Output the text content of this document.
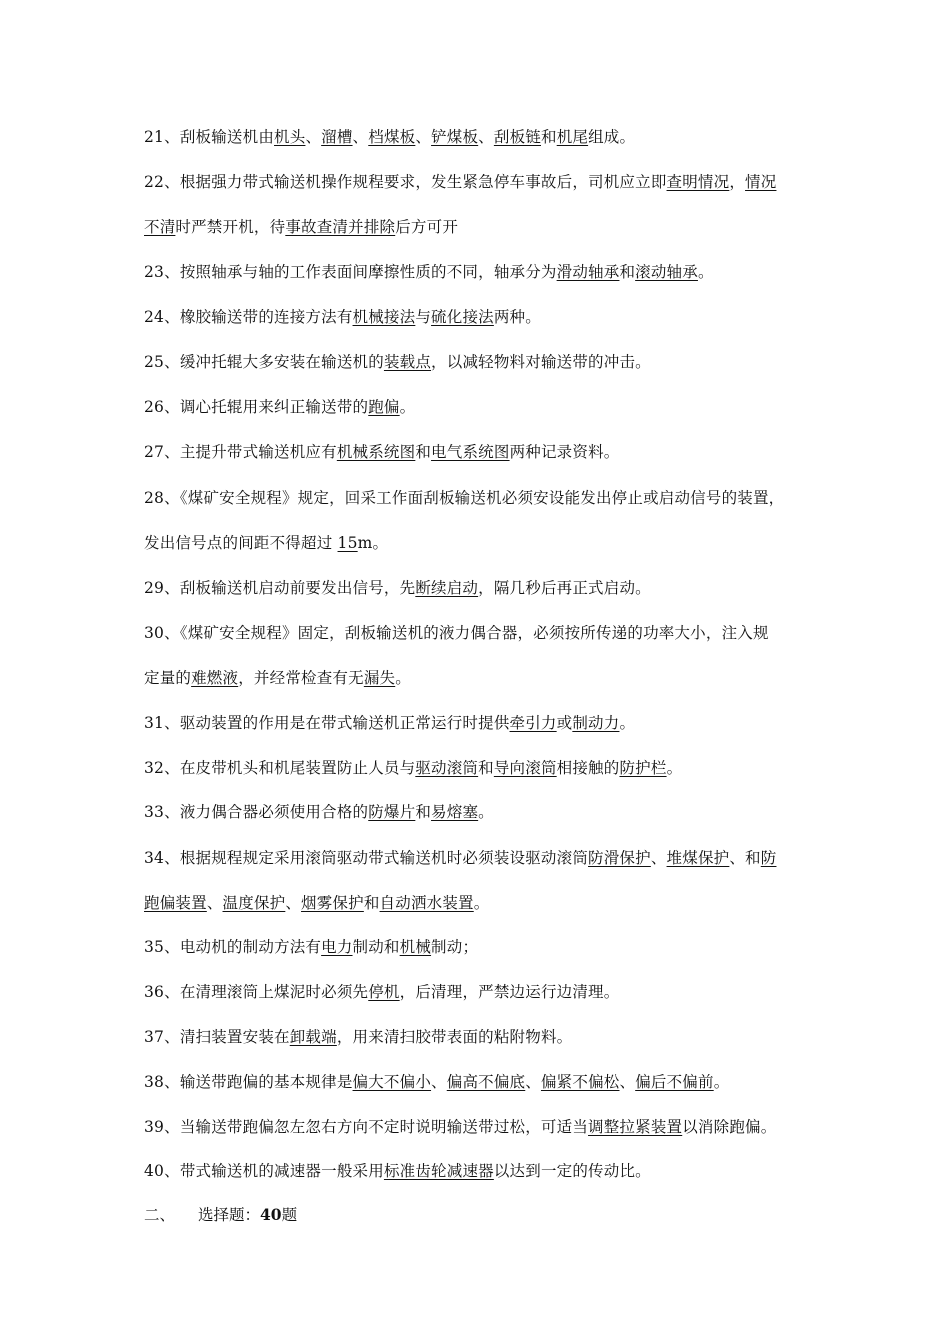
21、刮板输送机由机头、溜槽、档煤板、铲煤板、刮板链和机尾组成。
22、根据强力带式输送机操作规程要求，发生紧急停车事故后，司机应立即查明情况，情况
不清时严禁开机，待事故查清并排除后方可开
23、按照轴承与轴的工作表面间摩擦性质的不同，轴承分为滑动轴承和滚动轴承。
24、橡胶输送带的连接方法有机械接法与硫化接法两种。
25、缓冲托辊大多安装在输送机的装载点，以减轻物料对输送带的冲击。
26、调心托辊用来纠正输送带的跑偏。
27、主提升带式输送机应有机械系统图和电气系统图两种记录资料。
28、《煤矿安全规程》规定，回采工作面刮板输送机必须安设能发出停止或启动信号的装置，
发出信号点的间距不得超过 15m。
29、刮板输送机启动前要发出信号，先断续启动，隔几秒后再正式启动。
30、《煤矿安全规程》固定，刮板输送机的液力偶合器，必须按所传递的功率大小，注入规
定量的难燃液，并经常检查有无漏失。
31、驱动装置的作用是在带式输送机正常运行时提供牵引力或制动力。
32、在皮带机头和机尾装置防止人员与驱动滚筒和导向滚筒相接触的防护栏。
33、液力偶合器必须使用合格的防爆片和易熔塞。
34、根据规程规定采用滚筒驱动带式输送机时必须装设驱动滚筒防滑保护、堆煤保护、和防
跑偏装置、温度保护、烟雾保护和自动洒水装置。
35、电动机的制动方法有电力制动和机械制动；
36、在清理滚筒上煤泥时必须先停机，后清理，严禁边运行边清理。
37、清扫装置安装在卸载端，用来清扫胶带表面的粘附物料。
38、输送带跑偏的基本规律是偏大不偏小、偏高不偏底、偏紧不偏松、偏后不偏前。
39、当输送带跑偏忽左忽右方向不定时说明输送带过松，可适当调整拉紧装置以消除跑偏。
40、带式输送机的减速器一般采用标准齿轮减速器以达到一定的传动比。
二、 选择题：40题
